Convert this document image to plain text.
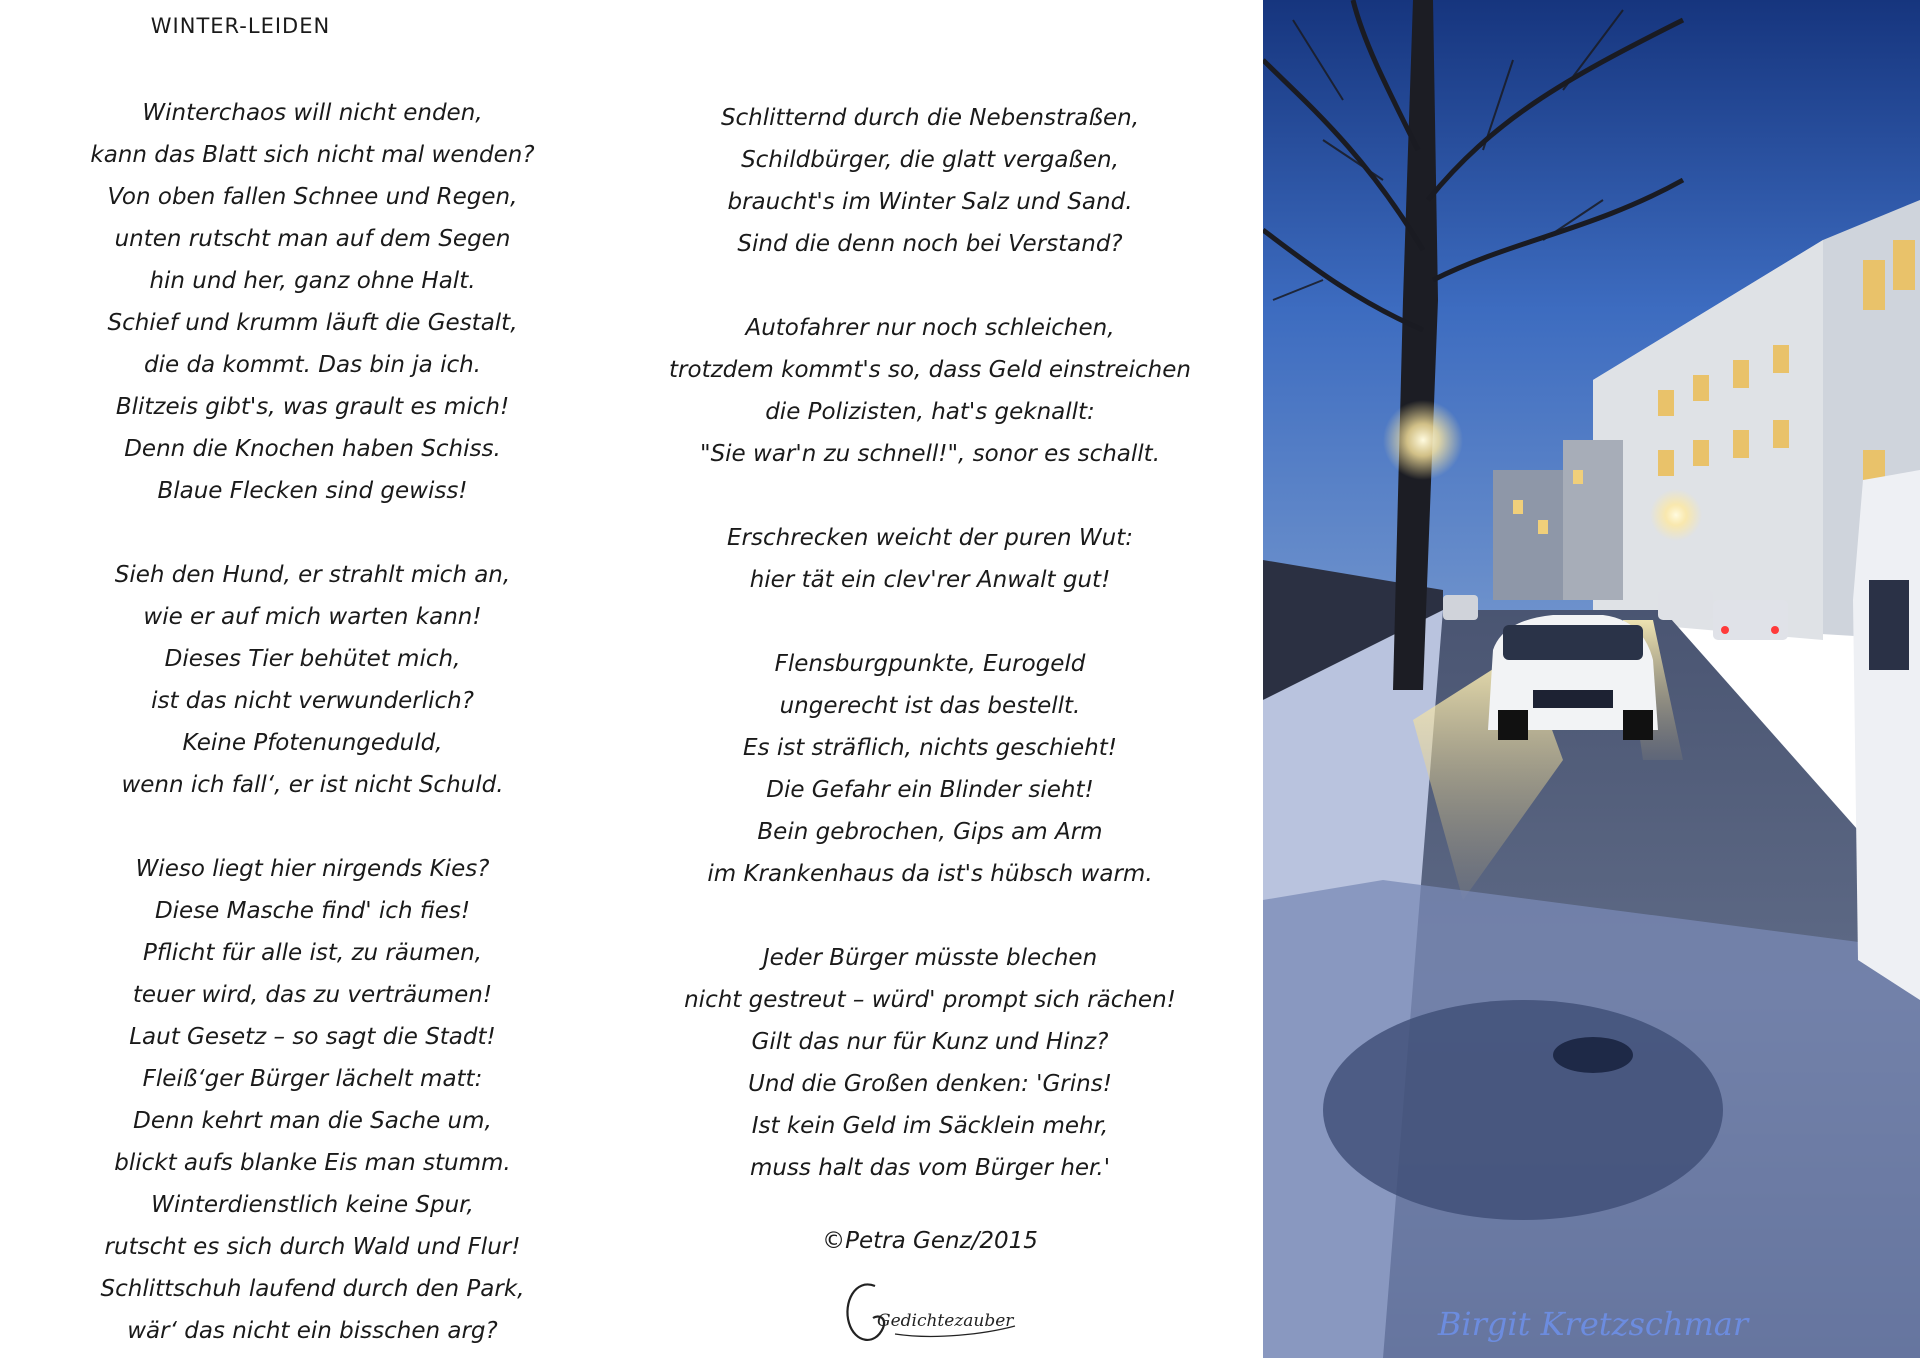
WINTER-LEIDEN
Winterchaos will nicht enden,
kann das Blatt sich nicht mal wenden?
Von oben fallen Schnee und Regen,
unten rutscht man auf dem Segen
hin und her, ganz ohne Halt.
Schief und krumm läuft die Gestalt,
die da kommt. Das bin ja ich.
Blitzeis gibt's, was grault es mich!
Denn die Knochen haben Schiss.
Blaue Flecken sind gewiss!
Sieh den Hund, er strahlt mich an,
wie er auf mich warten kann!
Dieses Tier behütet mich,
ist das nicht verwunderlich?
Keine Pfotenungeduld,
wenn ich fall‘, er ist nicht Schuld.
Wieso liegt hier nirgends Kies?
Diese Masche find' ich fies!
Pflicht für alle ist, zu räumen,
teuer wird, das zu verträumen!
Laut Gesetz – so sagt die Stadt!
Fleiß‘ger Bürger lächelt matt:
Denn kehrt man die Sache um,
blickt aufs blanke Eis man stumm.
Winterdienstlich keine Spur,
rutscht es sich durch Wald und Flur!
Schlittschuh laufend durch den Park,
wär‘ das nicht ein bisschen arg?
Schlitternd durch die Nebenstraßen,
Schildbürger, die glatt vergaßen,
braucht's im Winter Salz und Sand.
Sind die denn noch bei Verstand?
Autofahrer nur noch schleichen,
trotzdem kommt's so, dass Geld einstreichen
die Polizisten, hat's geknallt:
"Sie war'n zu schnell!", sonor es schallt.
Erschrecken weicht der puren Wut:
hier tät ein clev'rer Anwalt gut!
Flensburgpunkte, Eurogeld
ungerecht ist das bestellt.
Es ist sträflich, nichts geschieht!
Die Gefahr ein Blinder sieht!
Bein gebrochen, Gips am Arm
im Krankenhaus da ist's hübsch warm.
Jeder Bürger müsste blechen
nicht gestreut – würd' prompt sich rächen!
Gilt das nur für Kunz und Hinz?
Und die Großen denken: 'Grins!
Ist kein Geld im Säcklein mehr,
muss halt das vom Bürger her.'
©Petra Genz/2015
Gedichtezauber	Birgit Kretzschmar
